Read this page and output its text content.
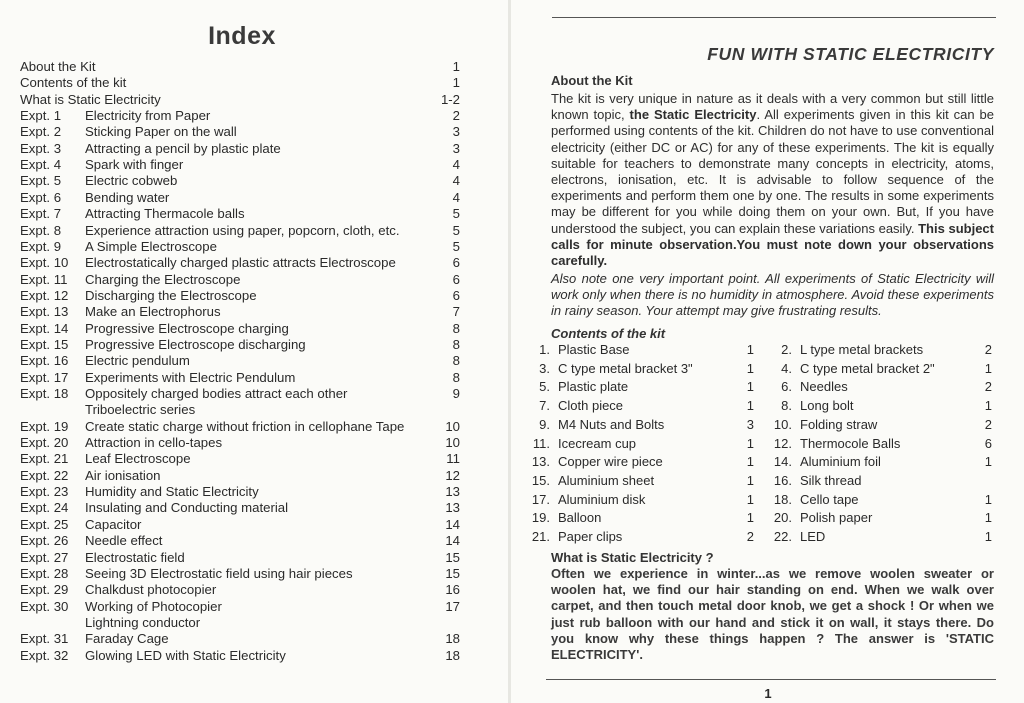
Index
About the Kit	1
Contents of the kit	1
What is Static Electricity	1-2
Expt. 1 Electricity from Paper	2
Expt. 2 Sticking Paper on the wall	3
Expt. 3 Attracting a pencil by plastic plate	3
Expt. 4 Spark with finger	4
Expt. 5 Electric cobweb	4
Expt. 6 Bending water	4
Expt. 7 Attracting Thermacole balls	5
Expt. 8 Experience attraction using paper, popcorn, cloth, etc.	5
Expt. 9 A Simple Electroscope	5
Expt. 10 Electrostatically charged plastic attracts Electroscope	6
Expt. 11 Charging the Electroscope	6
Expt. 12 Discharging the Electroscope	6
Expt. 13 Make an Electrophorus	7
Expt. 14 Progressive Electroscope charging	8
Expt. 15 Progressive Electroscope discharging	8
Expt. 16 Electric pendulum	8
Expt. 17 Experiments with Electric Pendulum	8
Expt. 18 Oppositely charged bodies attract each other	9
Triboelectric series
Expt. 19 Create static charge without friction in cellophane Tape	10
Expt. 20 Attraction in cello-tapes	10
Expt. 21 Leaf Electroscope	11
Expt. 22 Air ionisation	12
Expt. 23 Humidity and Static Electricity	13
Expt. 24 Insulating and Conducting material	13
Expt. 25 Capacitor	14
Expt. 26 Needle effect	14
Expt. 27 Electrostatic field	15
Expt. 28 Seeing 3D Electrostatic field using hair pieces	15
Expt. 29 Chalkdust photocopier	16
Expt. 30 Working of Photocopier	17
Lightning conductor
Expt. 31 Faraday Cage	18
Expt. 32 Glowing LED with Static Electricity	18
FUN WITH STATIC ELECTRICITY
About the Kit
The kit is very unique in nature as it deals with a very common but still little known topic, the Static Electricity. All experiments given in this kit can be performed using contents of the kit. Children do not have to use conventional electricity (either DC or AC) for any of these experiments. The kit is equally suitable for teachers to demonstrate many concepts in electricity, atoms, electrons, ionisation, etc. It is advisable to follow sequence of the experiments and perform them one by one. The results in some experiments may be different for you while doing them on your own. But, If you have understood the subject, you can explain these variations easily. This subject calls for minute observation.You must note down your observations carefully.
Also note one very important point. All experiments of Static Electricity will work only when there is no humidity in atmosphere. Avoid these experiments in rainy season. Your attempt may give frustrating results.
Contents of the kit
1. Plastic Base	1	2. L type metal brackets	2
3. C type metal bracket 3"	1	4. C type metal bracket 2"	1
5. Plastic plate	1	6. Needles	2
7. Cloth piece	1	8. Long bolt	1
9. M4 Nuts and Bolts	3	10. Folding straw	2
11. Icecream cup	1	12. Thermocole Balls	6
13. Copper wire piece	1	14. Aluminium foil	1
15. Aluminium sheet	1	16. Silk thread
17. Aluminium disk	1	18. Cello tape	1
19. Balloon	1	20. Polish paper	1
21. Paper clips	2	22. LED	1
What is Static Electricity ?
Often we experience in winter...as we remove woolen sweater or woolen hat, we find our hair standing on end. When we walk over carpet, and then touch metal door knob, we get a shock ! Or when we just rub balloon with our hand and stick it on wall, it stays there. Do you know why these things happen ? The answer is 'STATIC ELECTRICITY'.
1
